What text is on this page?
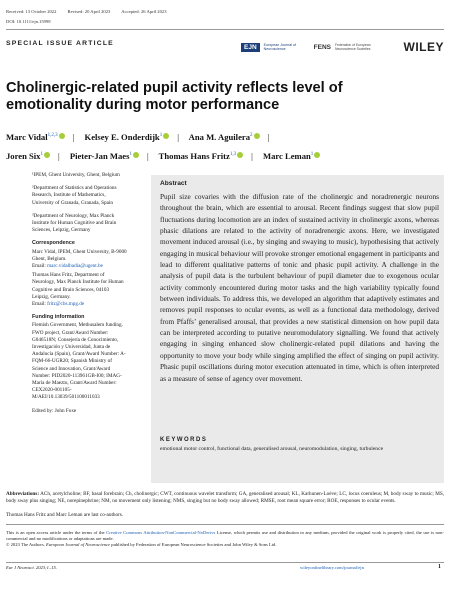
Received: 13 October 2022 Revised: 20 April 2023 Accepted: 26 April 2023
DOI: 10.1111/ejn.15998
SPECIAL ISSUE ARTICLE	EJN	European Journal of Neuroscience	FENS Federation of European Neuroscience Societies	WILEY
Cholinergic-related pupil activity reflects level of emotionality during motor performance
Marc Vidal$^{1,2,3}$ | Kelsey E. Onderdijk$^1$ | Ana M. Aguilera$^2$ |
Joren Six$^1$ | Pieter-Jan Maes$^1$ | Thomas Hans Fritz$^{1,3}$ | Marc Leman$^1$

¹IPEM, Ghent University, Ghent, Belgium

²Department of Statistics and Operations Research, Institute of Mathematics, University of Granada, Granada, Spain

³Department of Neurology, Max Planck Institute for Human Cognitive and Brain Sciences, Leipzig, Germany

Correspondence

Marc Vidal, IPEM, Ghent University, B-9000 Ghent, Belgium.
Email: marc.vidalbadia@ugent.be

Thomas Hans Fritz, Department of Neurology, Max Planck Institute for Human Cognitive and Brain Sciences, 04103 Leipzig, Germany.
Email: fritz@cbs.mpg.de

Funding information

Flemish Government, Methusalem funding. FWO project, Grant/Award Number: G046518N; Consejería de Conocimiento, Investigación y Universidad, Junta de Andalucía (Spain), Grant/Award Number: A-FQM-66-UGR20; Spanish Ministry of Science and Innovation, Grant/Award Number: PID2020-113961GB-I00; IMAG-María de Maeztu, Grant/Award Number: CEX2020-001105-M/AEI/10.13039/501100011033

Edited by: John Foxe

Abstract
Pupil size covaries with the diffusion rate of the cholinergic and noradrenergic neurons throughout the brain, which are essential to arousal. Recent findings suggest that slow pupil fluctuations during locomotion are an index of sustained activity in cholinergic axons, whereas phasic dilations are related to the activity of noradrenergic axons. Here, we investigated movement induced arousal (i.e., by singing and swaying to music), hypothesising that actively engaging in musical behaviour will provoke stronger emotional engagement in participants and lead to different qualitative patterns of tonic and phasic pupil activity. A challenge in the analysis of pupil data is the turbulent behaviour of pupil diameter due to exogenous ocular activity commonly encountered during motor tasks and the high variability typically found between individuals. To address this, we developed an algorithm that adaptively estimates and removes pupil responses to ocular events, as well as a functional data methodology, derived from Pfaffs’ generalised arousal, that provides a new statistical dimension on how pupil data can be interpreted according to putative neuromodulatory signalling. We found that actively engaging in singing enhanced slow cholinergic-related pupil dilations and having the opportunity to move your body while singing amplified the effect of singing on pupil activity. Phasic pupil oscillations during motor execution attenuated in time, which is often interpreted as a measure of sense of agency over movement.
KEYWORDS
emotional motor control, functional data, generalised arousal, neuromodulation, singing, turbulence
Abbreviations: ACh, acetylcholine; BF, basal forebrain; Ch, cholinergic; CWT, continuous wavelet transform; GA, generalised arousal; KL, Karhunen-Loève; LC, locus coeruleus; M, body sway to music; MS, body sway plus singing; NE, norepinephrine; NM, no movement only listening; NMS, singing but no body sway allowed; RMSE, root mean square error; ROE, responses to ocular events.
Thomas Hans Fritz and Marc Leman are last co-authors.
This is an open access article under the terms of the Creative Commons Attribution-NonCommercial-NoDerivs License, which permits use and distribution in any medium, provided the original work is properly cited, the use is non-commercial and no modifications or adaptations are made.
© 2023 The Authors. European Journal of Neuroscience published by Federation of European Neuroscience Societies and John Wiley & Sons Ltd.
Eur J Neurosci. 2023;1–15.	wileyonlinelibrary.com/journal/ejn	1
